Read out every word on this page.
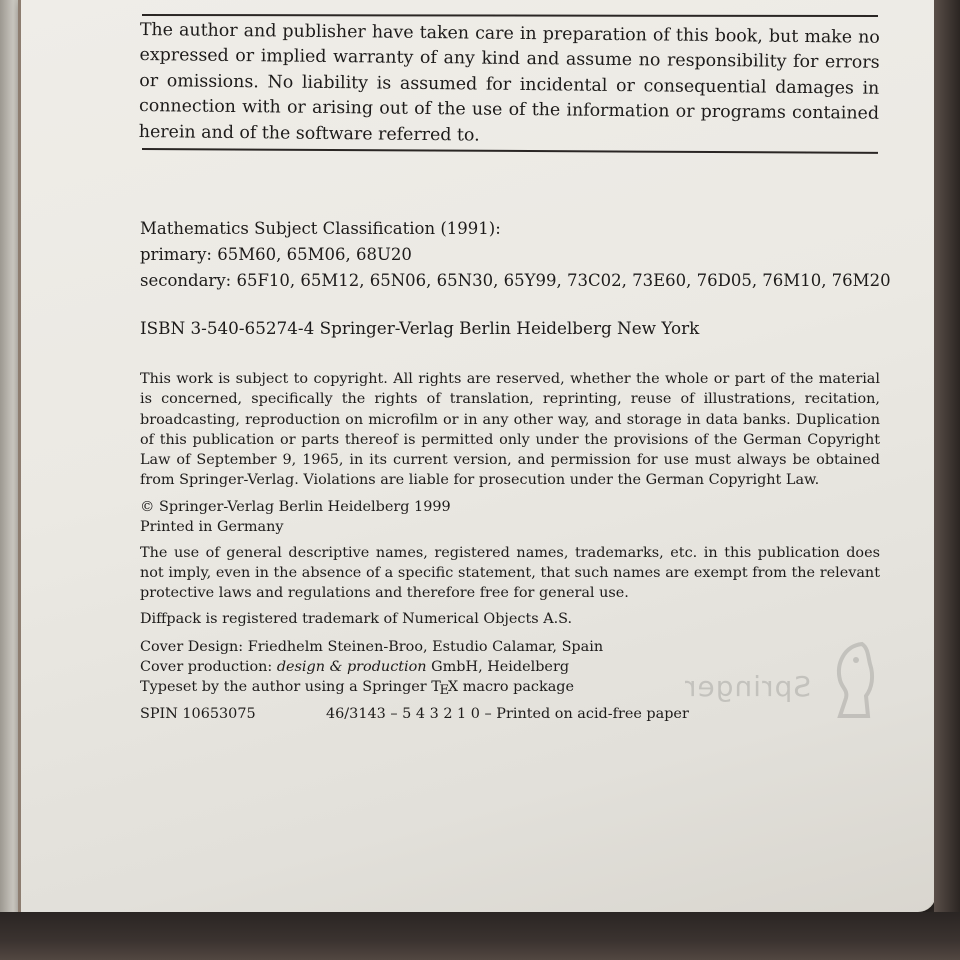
The author and publisher have taken care in preparation of this book, but make no expressed or implied warranty of any kind and assume no responsibility for errors or omissions. No liability is assumed for incidental or consequential damages in connection with or arising out of the use of the information or programs contained herein and of the software referred to.
Mathematics Subject Classification (1991):
primary: 65M60, 65M06, 68U20
secondary: 65F10, 65M12, 65N06, 65N30, 65Y99, 73C02, 73E60, 76D05, 76M10, 76M20
ISBN 3-540-65274-4 Springer-Verlag Berlin Heidelberg New York

This work is subject to copyright. All rights are reserved, whether the whole or part of the material is concerned, specifically the rights of translation, reprinting, reuse of illustrations, recitation, broadcasting, reproduction on microfilm or in any other way, and storage in data banks. Duplication of this publication or parts thereof is permitted only under the provisions of the German Copyright Law of September 9, 1965, in its current version, and permission for use must always be obtained from Springer-Verlag. Violations are liable for prosecution under the German Copyright Law.

© Springer-Verlag Berlin Heidelberg 1999
Printed in Germany
The use of general descriptive names, registered names, trademarks, etc. in this publication does not imply, even in the absence of a specific statement, that such names are exempt from the relevant protective laws and regulations and therefore free for general use.
Diffpack is registered trademark of Numerical Objects A.S.
Cover Design: Friedhelm Steinen-Broo, Estudio Calamar, Spain
Cover production: design & production GmbH, Heidelberg
Typeset by the author using a Springer TEX macro package
SPIN 10653075	46/3143 – 5 4 3 2 1 0 – Printed on acid-free paper
Springer
